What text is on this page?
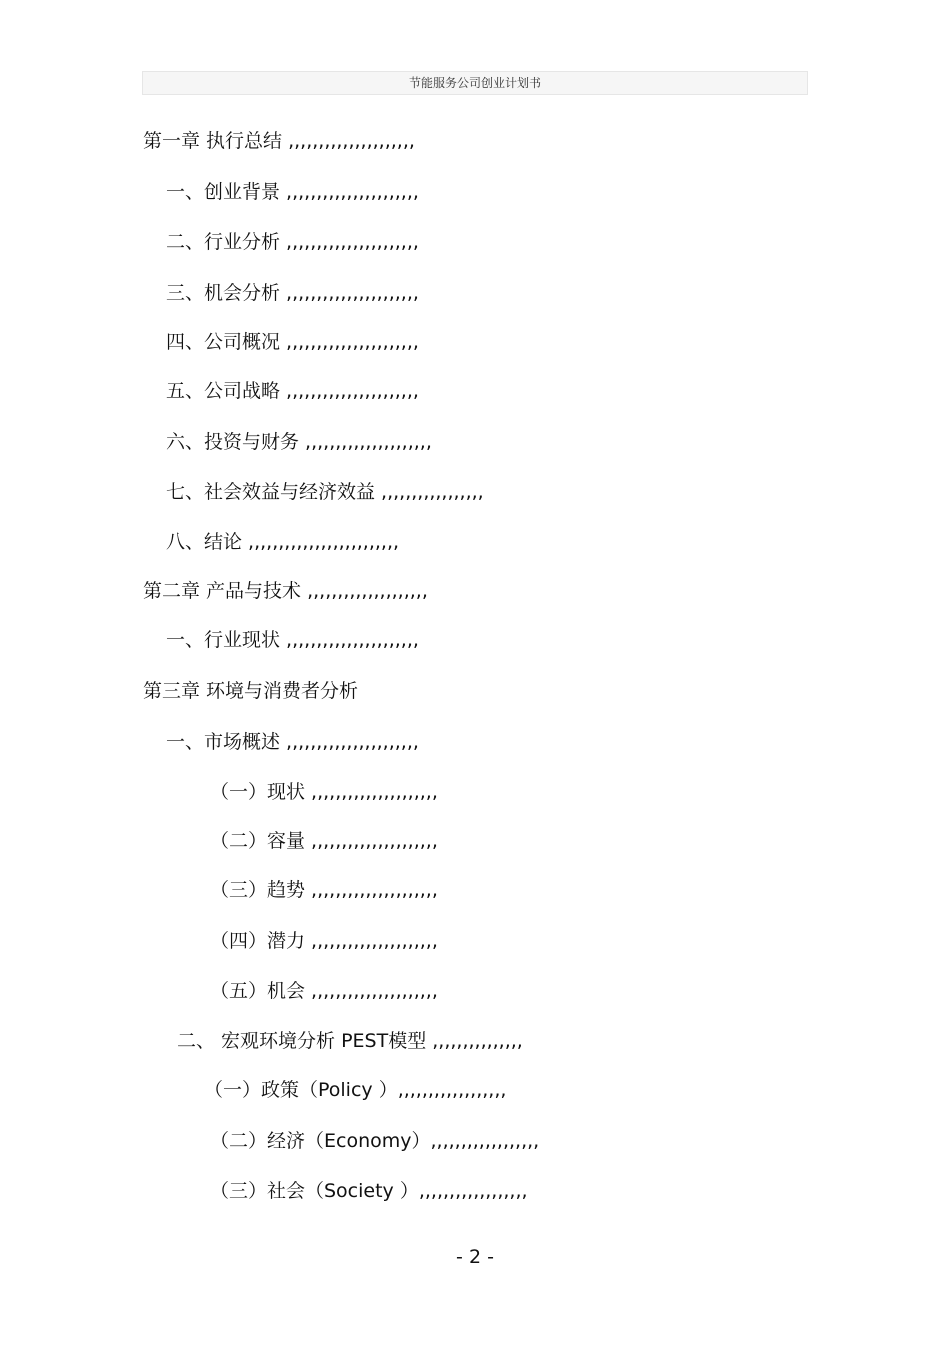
节能服务公司创业计划书
第一章 执行总结 ,,,,,,,,,,,,,,,,,,,,,
一、创业背景 ,,,,,,,,,,,,,,,,,,,,,,
二、行业分析 ,,,,,,,,,,,,,,,,,,,,,,
三、机会分析 ,,,,,,,,,,,,,,,,,,,,,,
四、公司概况 ,,,,,,,,,,,,,,,,,,,,,,
五、公司战略 ,,,,,,,,,,,,,,,,,,,,,,
六、投资与财务 ,,,,,,,,,,,,,,,,,,,,,
七、社会效益与经济效益 ,,,,,,,,,,,,,,,,,
八、结论 ,,,,,,,,,,,,,,,,,,,,,,,,,
第二章 产品与技术 ,,,,,,,,,,,,,,,,,,,,
一、行业现状 ,,,,,,,,,,,,,,,,,,,,,,
第三章 环境与消费者分析
一、市场概述 ,,,,,,,,,,,,,,,,,,,,,,
（一）现状 ,,,,,,,,,,,,,,,,,,,,,
（二）容量 ,,,,,,,,,,,,,,,,,,,,,
（三）趋势 ,,,,,,,,,,,,,,,,,,,,,
（四）潜力 ,,,,,,,,,,,,,,,,,,,,,
（五）机会 ,,,,,,,,,,,,,,,,,,,,,
二、 宏观环境分析 PEST模型 ,,,,,,,,,,,,,,,
（一）政策（Policy ）,,,,,,,,,,,,,,,,,,
（二）经济（Economy）,,,,,,,,,,,,,,,,,,
（三）社会（Society ）,,,,,,,,,,,,,,,,,,
- 2 -
